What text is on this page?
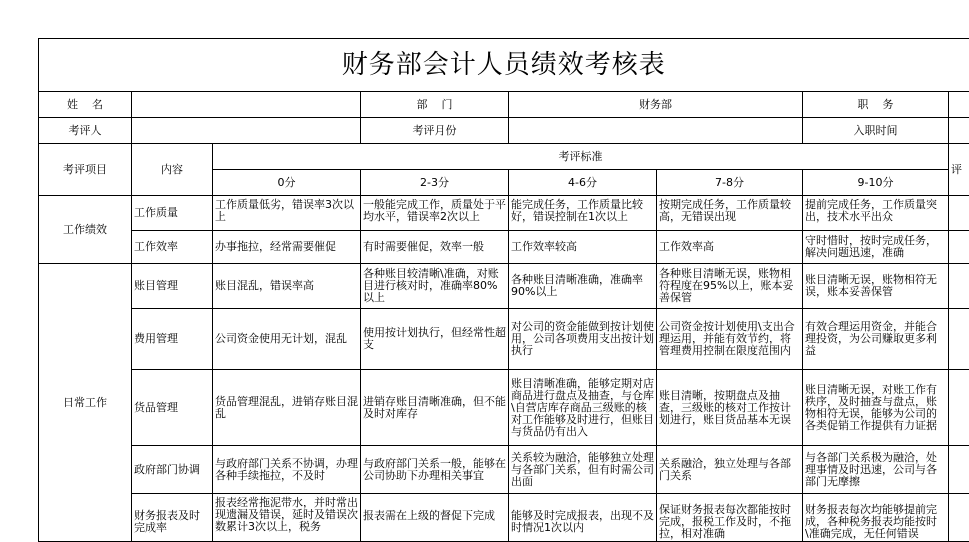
财务部会计人员绩效考核表							
姓    名			部    门	财务部		职    务	
考评人			考评月份			入职时间	
考评项目	内容	考评标准					评
		0分	2-3分	4-6分	7-8分	9-10分	
工作绩效	工作质量	工作质量低劣，错误率3次以上	一般能完成工作，质量处于平均水平，错误率2次以上	能完成任务，工作质量比较好，错误控制在1次以上	按期完成任务，工作质量较高，无错误出现	提前完成任务，工作质量突出，技术水平出众	
	工作效率	办事拖拉，经常需要催促	有时需要催促，效率一般	工作效率较高	工作效率高	守时惜时，按时完成任务，解决问题迅速，准确	
日常工作	账目管理	账目混乱，错误率高	各种账目较清晰\准确，对账目进行核对时，准确率80%以上	各种账目清晰准确，准确率90%以上	各种账目清晰无误，账物相符程度在95%以上，账本妥善保管	账目清晰无误，账物相符无误，账本妥善保管	
	费用管理	公司资金使用无计划，混乱	使用按计划执行，但经常性超支	对公司的资金能做到按计划使用，公司各项费用支出按计划执行	公司资金按计划使用\支出合理运用，并能有效节约，将管理费用控制在限度范围内	有效合理运用资金，并能合理投资，为公司赚取更多利益	
	货品管理	货品管理混乱，进销存账目混乱	进销存账目清晰准确，但不能及时对库存	账目清晰准确，能够定期对店商品进行盘点及抽查，与仓库\自营店库存商品三级账的核对工作能够及时进行，但账目与货品仍有出入	账目清晰，按期盘点及抽查，三级账的核对工作按计划进行，账目货品基本无误	账目清晰无误，对账工作有秩序，及时抽查与盘点，账物相符无误，能够为公司的各类促销工作提供有力证据	
	政府部门协调	与政府部门关系不协调，办理各种手续拖拉，不及时	与政府部门关系一般，能够在公司协助下办理相关事宜	关系较为融洽，能够独立处理与各部门关系，但有时需公司出面	关系融洽，独立处理与各部门关系	与各部门关系极为融洽，处理事情及时迅速，公司与各部门无摩擦	
	财务报表及时完成率	报表经常拖泥带水，并时常出现遗漏及错误，延时及错误次数累计3次以上，税务	报表需在上级的督促下完成	能够及时完成报表，出现不及时情况1次以内	保证财务报表每次都能按时完成，报税工作及时，不拖拉，相对准确	财务报表每次均能够提前完成，各种税务报表均能按时\准确完成，无任何错误	
